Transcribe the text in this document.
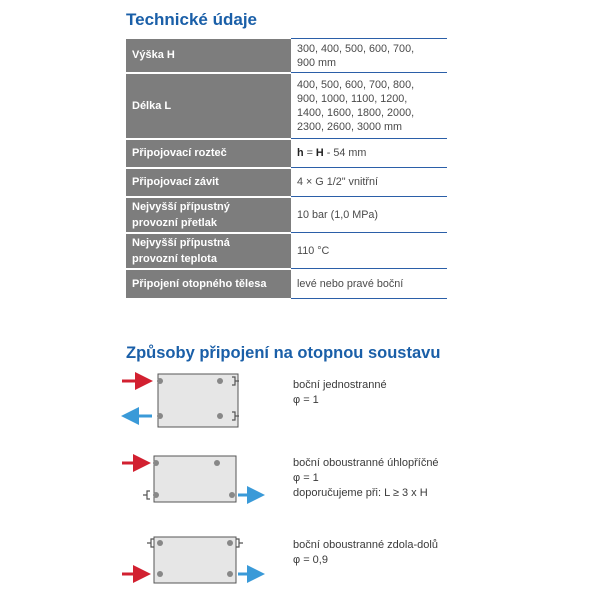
Technické údaje
Výška H	300, 400, 500, 600, 700,
900 mm
Délka L	400, 500, 600, 700, 800,
900, 1000, 1100, 1200,
1400, 1600, 1800, 2000,
2300, 2600, 3000 mm
Připojovací rozteč	h = H - 54 mm
Připojovací závit	4 × G 1/2" vnitřní
Nejvyšší přípustný
provozní přetlak	10 bar (1,0 MPa)
Nejvyšší přípustná
provozní teplota	110 °C
Připojení otopného tělesa	levé nebo pravé boční
Způsoby připojení na otopnou soustavu
boční jednostranné
φ = 1
boční oboustranné úhlopříčné
φ = 1
doporučujeme při: L ≥ 3 x H
boční oboustranné zdola-dolů
φ = 0,9
